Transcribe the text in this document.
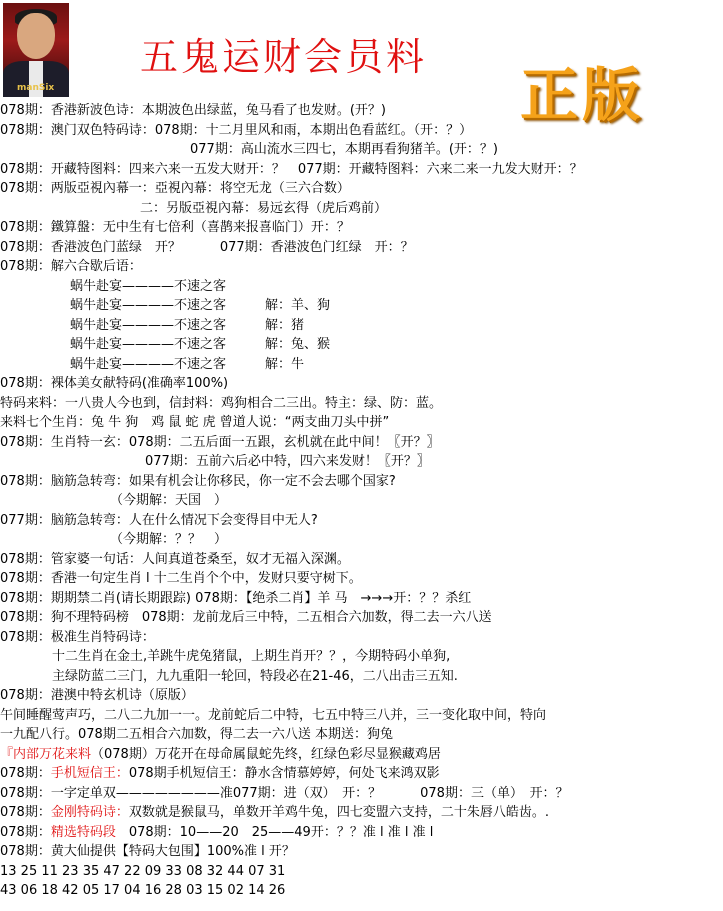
manSix
五鬼运财会员料
正版
078期：香港新波色诗：本期波色出绿蓝，兔马看了也发财。(开？)
078期：澳门双色特码诗：078期：十二月里风和雨，本期出色看蓝红。（开：？）
077期：高山流水三四七，本期再看狗猪羊。(开：？)
078期：开藏特图料：四来六来一五发大财开：？　077期：开藏特图料：六来二来一九发大财开：？
078期：两版亞視內幕一：亞視內幕：将空无龙（三六合数）
二：另版亞視內幕：易远玄得（虎后鸡前）
078期：鐵算盤：无中生有七倍利（喜鹊来报喜临门）开：？
078期：香港波色门蓝绿　开？　　　077期：香港波色门红绿　开：？
078期：解六合歇后语：
蜗牛赴宴————不速之客
蜗牛赴宴————不速之客　　　解：羊、狗
蜗牛赴宴————不速之客　　　解：猪
蜗牛赴宴————不速之客　　　解：兔、猴
蜗牛赴宴————不速之客　　　解：牛
078期：裸体美女献特码(准确率100%)
特码来料：一八贵人今也到，信封料：鸡狗相合二三出。特主：绿、防：蓝。
来料七个生肖：兔 牛 狗　鸡 鼠 蛇 虎 曾道人说：“两支曲刀头中拼”
078期：生肖特一玄：078期：二五后面一五跟，玄机就在此中间！〖开？〗
077期：五前六后必中特，四六来发财！〖开？〗
078期：脑筋急转弯：如果有机会让你移民，你一定不会去哪个国家?
（今期解：天国　）
077期：脑筋急转弯：人在什么情况下会变得目中无人?
（今期解：？？　）
078期：管家婆一句话：人间真道苍桑至，奴才无福入深渊。
078期：香港一句定生肖 l 十二生肖个个中，发财只要守树下。
078期：期期禁二肖(请长期跟踪) 078期：【绝杀二肖】羊 马　→→→开：？？杀红
078期：狗不理特码榜　078期：龙前龙后三中特，二五相合六加数，得二去一六八送
078期：极准生肖特码诗：
十二生肖在金土,羊跳牛虎兔猪鼠，上期生肖开？？，今期特码小单狗,
主绿防蓝二三门，九九重阳一轮回，特段必在21-46，二八出击三五知.
078期：港澳中特玄机诗（原版）
午间睡醒莺声巧，二八二九加一一。龙前蛇后二中特，七五中特三八并，三一变化取中间，特向
一九配八行。078期二五相合六加数，得二去一六八送 本期送：狗兔
『内部万花来料（078期）万花开在母命属鼠蛇先终，红绿色彩尽显猴藏鸡居
078期：手机短信王：078期手机短信王：静水含情慕婷婷，何处飞来鸿双影
078期：一字定单双————————准077期：进（双）　开：？　　　078期：三（单）　开：？
078期：金刚特码诗：双数就是猴鼠马，单数开羊鸡牛兔，四七変盟六支持，二十朱唇八皓齿。.
078期：精选特码段　078期：10——20　25——49开：？？准 l 准 l 准 l
078期：黄大仙提供【特码大包围】100%准 l 开？
13 25 11 23 35 47 22 09 33 08 32 44 07 31
43 06 18 42 05 17 04 16 28 03 15 02 14 26
